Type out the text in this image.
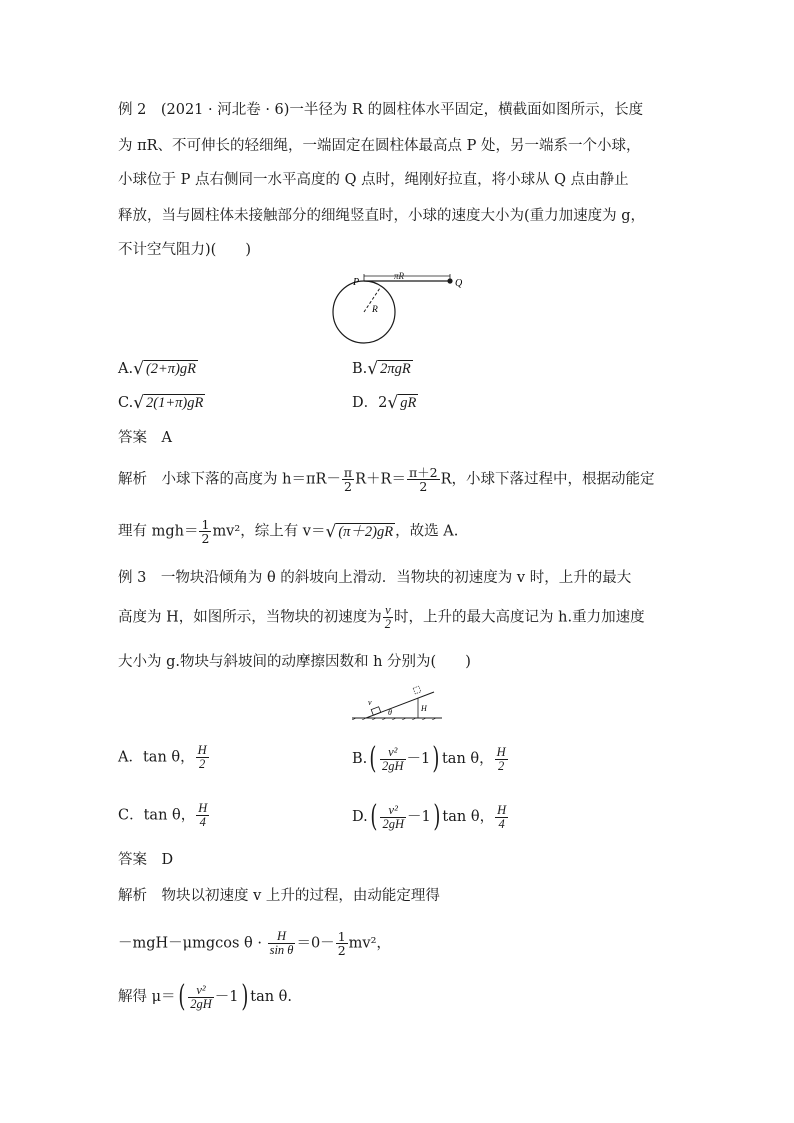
例 2　(2021 · 河北卷 · 6)一半径为 R 的圆柱体水平固定，横截面如图所示，长度
为 πR、不可伸长的轻细绳，一端固定在圆柱体最高点 P 处，另一端系一个小球，
小球位于 P 点右侧同一水平高度的 Q 点时，绳刚好拉直，将小球从 Q 点由静止
释放，当与圆柱体未接触部分的细绳竖直时，小球的速度大小为(重力加速度为 g，
不计空气阻力)(　　)
P	Q
πR
R
A.√ (2+π)gR	B.√ 2πgR
C.√ 2(1+π)gR	D．2√ gR
答案　A
解析　小球下落的高度为 $h=\pi R- \frac{\pi}{2} R+R= \frac{\pi+2}{2}$ R，小球下落过程中，根据动能定
理有 $mgh= \frac{1}{2} mv^2$，综上有 v＝√ (π＋2)gR ，故选 A.
例 3　一物块沿倾角为 θ 的斜坡向上滑动．当物块的初速度为 v 时，上升的最大
高度为 H，如图所示，当物块的初速度为 $\frac{v}{2}$ 时，上升的最大高度记为 h.重力加速度
大小为 g.物块与斜坡间的动摩擦因数和 h 分别为(　　)
v
θ	H
A．tan θ， $\frac{H}{2}$	$B.( \frac{\text{v²}}{2gH} -1)$ tan θ， $\frac{H}{2}$
C．tan θ， $\frac{H}{4}$	$D.( \frac{\text{v²}}{2gH} -1)$ tan θ， $\frac{H}{4}$
答案　D
解析　物块以初速度 v 上升的过程，由动能定理得
－mgH－μmgcos $\theta \cdot \frac{H}{\text{sin θ}} =0- \frac{1}{2} mv^2$，
解得 $\mu=( \frac{\text{v²}}{2gH} -1)$ tan θ.
